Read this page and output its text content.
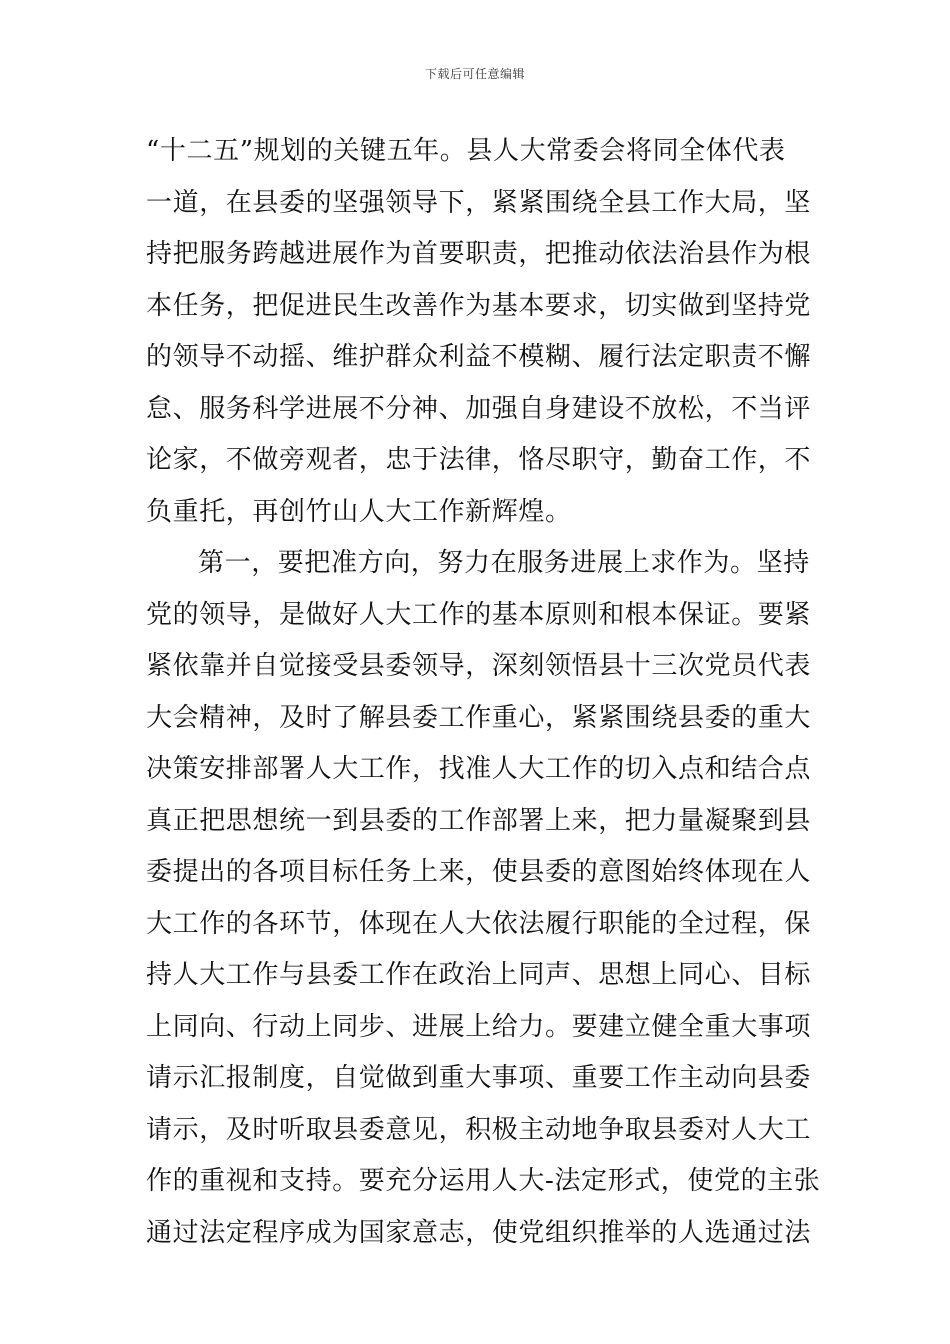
下载后可任意编辑
“十二五”规划的关键五年。县人大常委会将同全体代表
一道，在县委的坚强领导下，紧紧围绕全县工作大局，坚
持把服务跨越进展作为首要职责，把推动依法治县作为根
本任务，把促进民生改善作为基本要求，切实做到坚持党
的领导不动摇、维护群众利益不模糊、履行法定职责不懈
怠、服务科学进展不分神、加强自身建设不放松，不当评
论家，不做旁观者，忠于法律，恪尽职守，勤奋工作，不
负重托，再创竹山人大工作新辉煌。
第一，要把准方向，努力在服务进展上求作为。坚持
党的领导，是做好人大工作的基本原则和根本保证。要紧
紧依靠并自觉接受县委领导，深刻领悟县十三次党员代表
大会精神，及时了解县委工作重心，紧紧围绕县委的重大
决策安排部署人大工作，找准人大工作的切入点和结合点
真正把思想统一到县委的工作部署上来，把力量凝聚到县
委提出的各项目标任务上来，使县委的意图始终体现在人
大工作的各环节，体现在人大依法履行职能的全过程，保
持人大工作与县委工作在政治上同声、思想上同心、目标
上同向、行动上同步、进展上给力。要建立健全重大事项
请示汇报制度，自觉做到重大事项、重要工作主动向县委
请示，及时听取县委意见，积极主动地争取县委对人大工
作的重视和支持。要充分运用人大-法定形式，使党的主张
通过法定程序成为国家意志，使党组织推举的人选通过法
